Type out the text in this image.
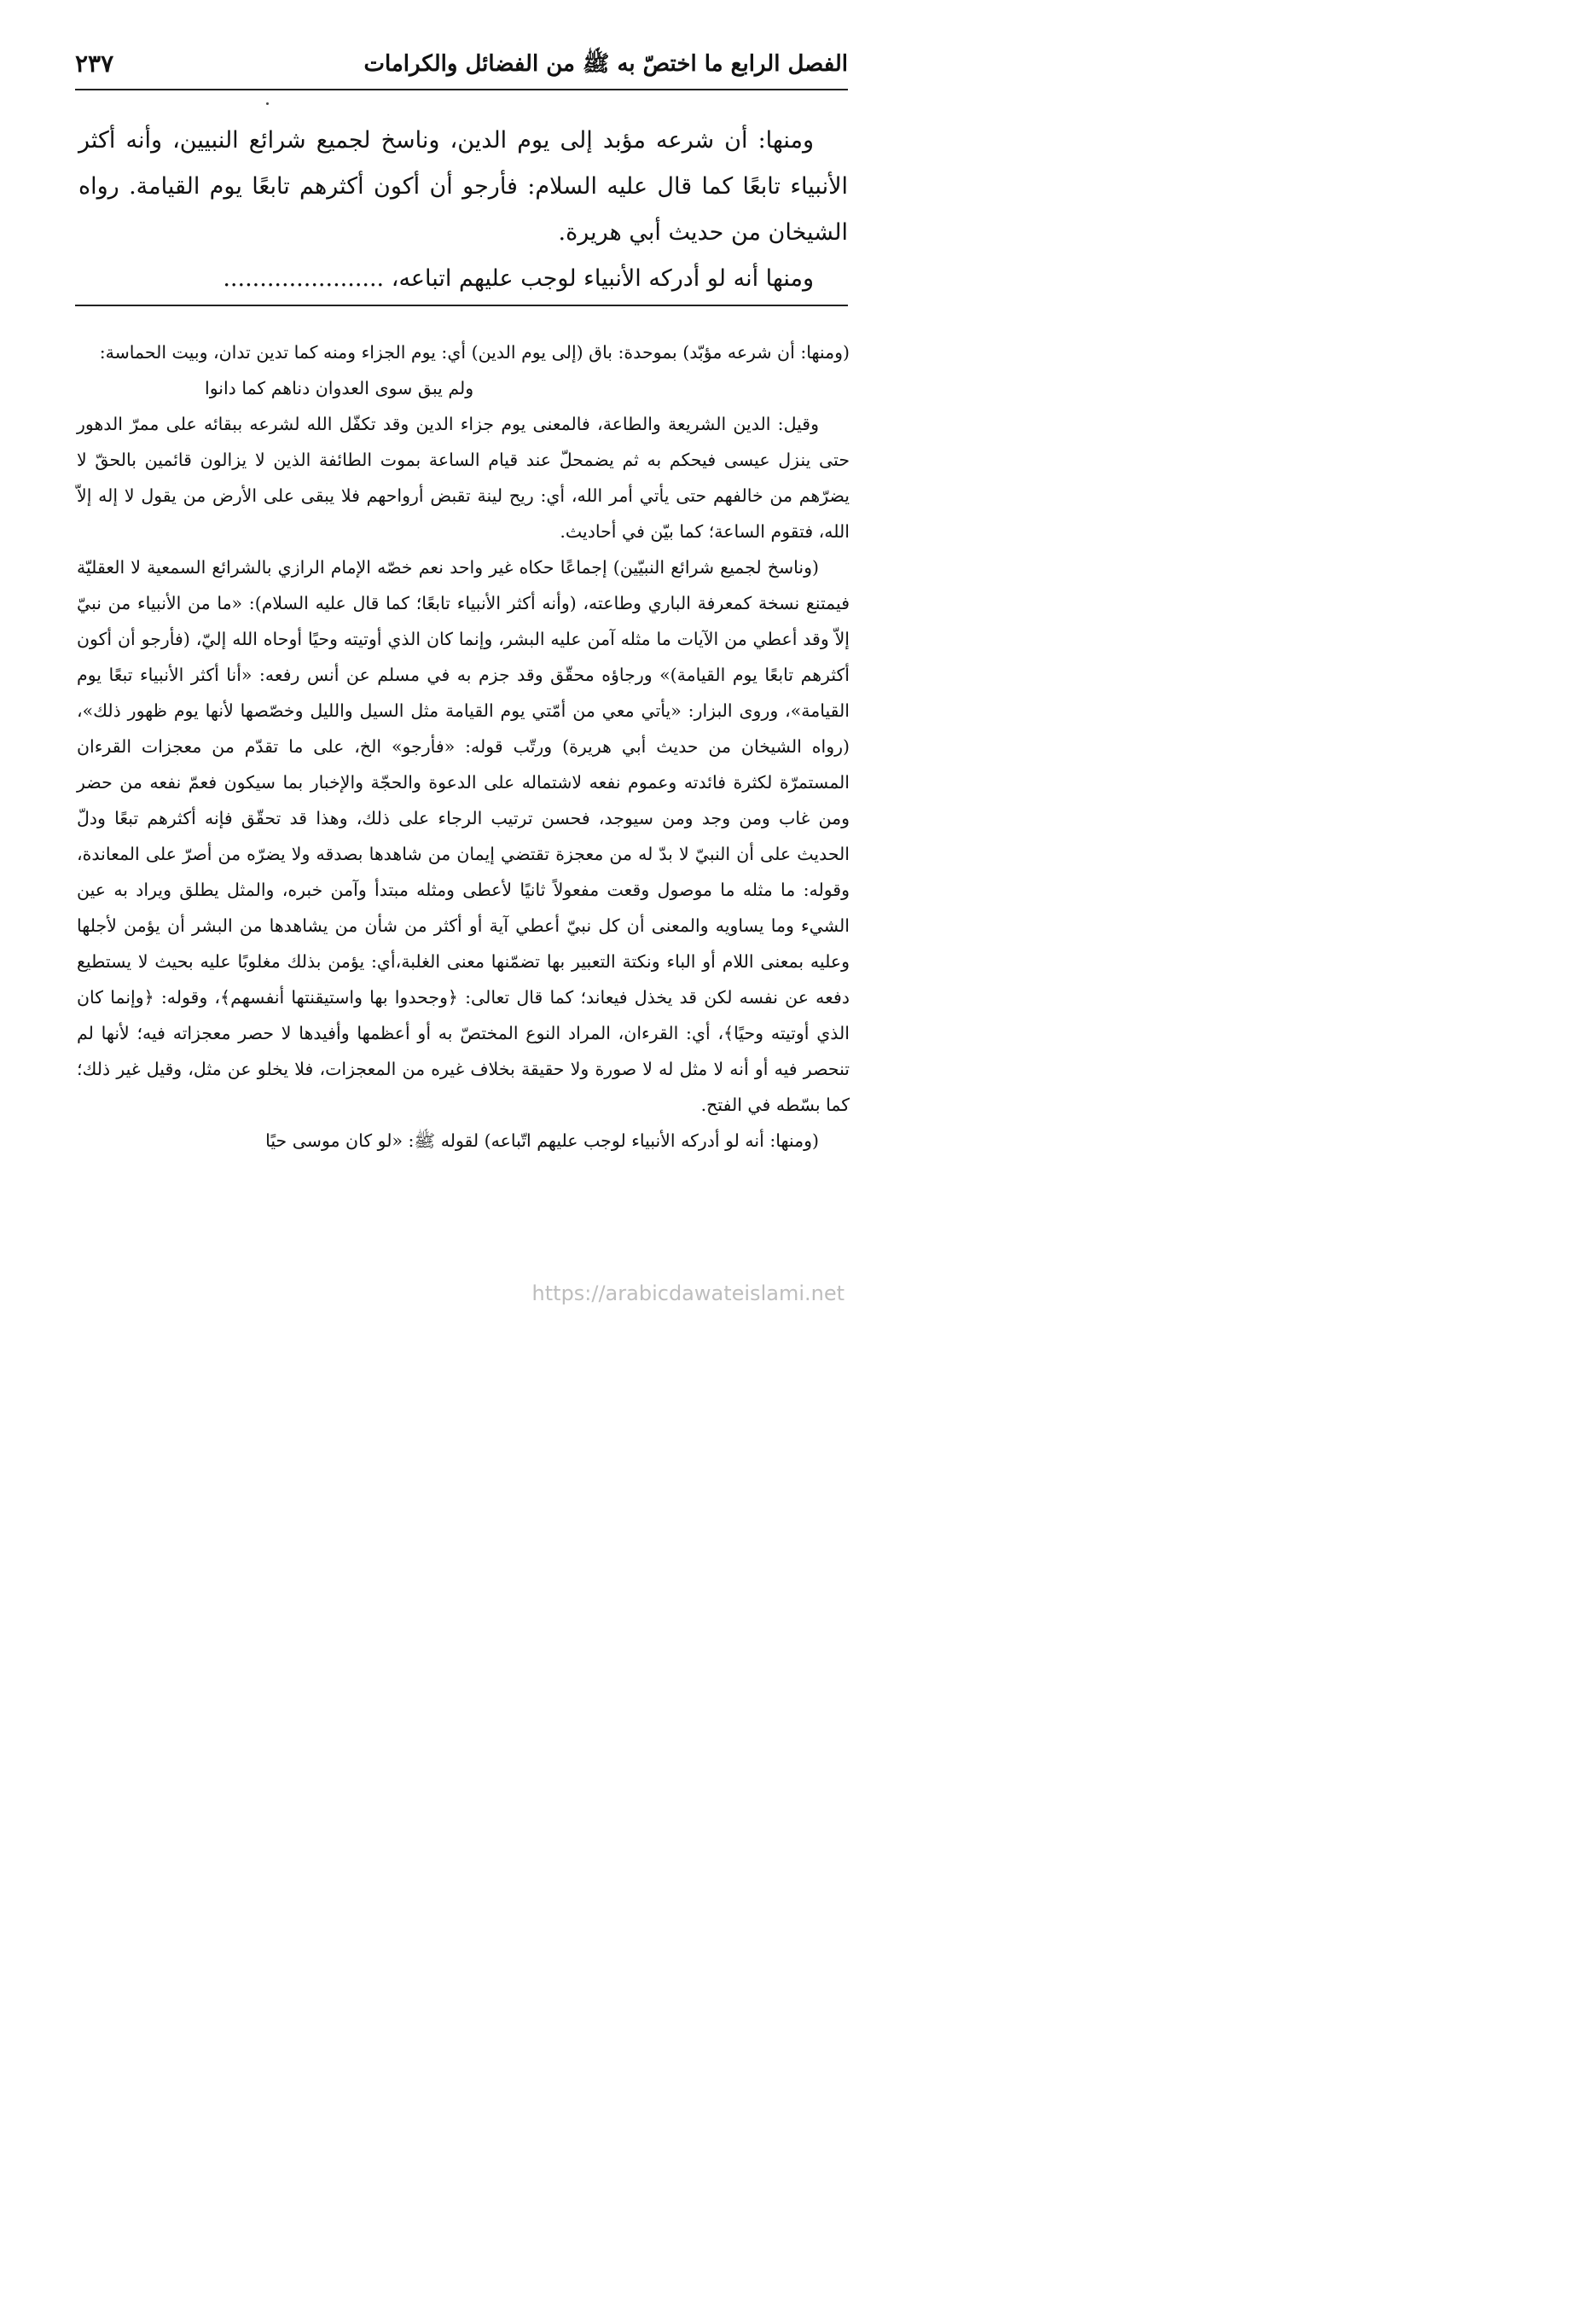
الفصل الرابع ما اختصّ به ﷺ من الفضائل والكرامات
٢٣٧

ومنها: أن شرعه مؤبد إلى يوم الدين، وناسخ لجميع شرائع النبيين، وأنه أكثر الأنبياء تابعًا كما قال عليه السلام: فأرجو أن أكون أكثرهم تابعًا يوم القيامة. رواه الشيخان من حديث أبي هريرة.

ومنها أنه لو أدركه الأنبياء لوجب عليهم اتباعه، ......................

(ومنها: أن شرعه مؤبّد) بموحدة: باق (إلى يوم الدين) أي: يوم الجزاء ومنه كما تدين تدان، وبيت الحماسة:

ولم يبق سوى العدوان دناهم كما دانوا

وقيل: الدين الشريعة والطاعة، فالمعنى يوم جزاء الدين وقد تكفّل الله لشرعه ببقائه على ممرّ الدهور حتى ينزل عيسى فيحكم به ثم يضمحلّ عند قيام الساعة بموت الطائفة الذين لا يزالون قائمين بالحقّ لا يضرّهم من خالفهم حتى يأتي أمر الله، أي: ريح لينة تقبض أرواحهم فلا يبقى على الأرض من يقول لا إله إلاّ الله، فتقوم الساعة؛ كما بيّن في أحاديث.

(وناسخ لجميع شرائع النبيّين) إجماعًا حكاه غير واحد نعم خصّه الإمام الرازي بالشرائع السمعية لا العقليّة فيمتنع نسخة كمعرفة الباري وطاعته، (وأنه أكثر الأنبياء تابعًا؛ كما قال عليه السلام): «ما من الأنبياء من نبيّ إلاّ وقد أعطي من الآيات ما مثله آمن عليه البشر، وإنما كان الذي أوتيته وحيًا أوحاه الله إليّ، (فأرجو أن أكون أكثرهم تابعًا يوم القيامة)» ورجاؤه محقّق وقد جزم به في مسلم عن أنس رفعه: «أنا أكثر الأنبياء تبعًا يوم القيامة»، وروى البزار: «يأتي معي من أمّتي يوم القيامة مثل السيل والليل وخصّصها لأنها يوم ظهور ذلك»، (رواه الشيخان من حديث أبي هريرة) ورتّب قوله: «فأرجو» الخ، على ما تقدّم من معجزات القرءان المستمرّة لكثرة فائدته وعموم نفعه لاشتماله على الدعوة والحجّة والإخبار بما سيكون فعمّ نفعه من حضر ومن غاب ومن وجد ومن سيوجد، فحسن ترتيب الرجاء على ذلك، وهذا قد تحقّق فإنه أكثرهم تبعًا ودلّ الحديث على أن النبيّ لا بدّ له من معجزة تقتضي إيمان من شاهدها بصدقه ولا يضرّه من أصرّ على المعاندة، وقوله: ما مثله ما موصول وقعت مفعولاً ثانيًا لأعطى ومثله مبتدأ وآمن خبره، والمثل يطلق ويراد به عين الشيء وما يساويه والمعنى أن كل نبيّ أعطي آية أو أكثر من شأن من يشاهدها من البشر أن يؤمن لأجلها وعليه بمعنى اللام أو الباء ونكتة التعبير بها تضمّنها معنى الغلبة،أي: يؤمن بذلك مغلوبًا عليه بحيث لا يستطيع دفعه عن نفسه لكن قد يخذل فيعاند؛ كما قال تعالى: ﴿وجحدوا بها واستيقنتها أنفسهم﴾، وقوله: ﴿وإنما كان الذي أوتيته وحيًا﴾، أي: القرءان، المراد النوع المختصّ به أو أعظمها وأفيدها لا حصر معجزاته فيه؛ لأنها لم تنحصر فيه أو أنه لا مثل له لا صورة ولا حقيقة بخلاف غيره من المعجزات، فلا يخلو عن مثل، وقيل غير ذلك؛ كما بسّطه في الفتح.

(ومنها: أنه لو أدركه الأنبياء لوجب عليهم اتّباعه) لقوله ﷺ: «لو كان موسى حيًا

https://arabicdawateislami.net
